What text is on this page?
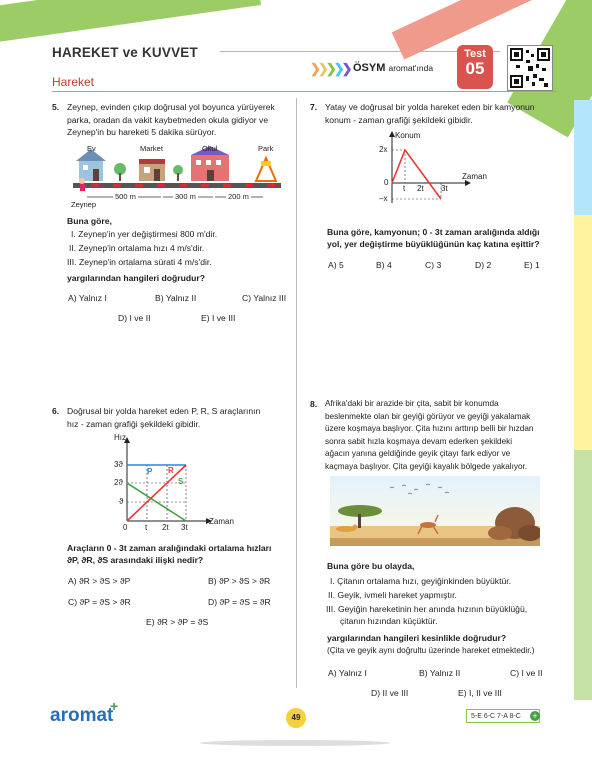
HAREKET ve KUVVET
Hareket
❯❯❯❯❯ ÖSYM aromat'ında
Test
05
5. Zeynep, evinden çıkıp doğrusal yol boyunca yürüyerek
parka, oradan da vakit kaybetmeden okula gidiyor ve
Zeynep'in bu hareketi 5 dakika sürüyor.
Ev	Market	Okul	Park
Zeynep
500 m	300 m	200 m
Buna göre,
I. Zeynep'in yer değiştirmesi 800 m'dir.
II. Zeynep'in ortalama hızı 4 m/s'dir.
III. Zeynep'in ortalama sürati 4 m/s'dir.
yargılarından hangileri doğrudur?
A) Yalnız I	B) Yalnız II	C) Yalnız III
D) I ve II	E) I ve III
6. Doğrusal bir yolda hareket eden P, R, S araçlarının
hız - zaman grafiği şekildeki gibidir.
Hız
Zaman
3ϑ
2ϑ
ϑ
0 t 2t 3t
P R
S
Araçların 0 - 3t zaman aralığındaki ortalama hızları
ϑP, ϑR, ϑS arasındaki ilişki nedir?
A) ϑR > ϑS > ϑP	B) ϑP > ϑS > ϑR
C) ϑP = ϑS > ϑR	D) ϑP = ϑS = ϑR
E) ϑR > ϑP = ϑS
7. Yatay ve doğrusal bir yolda hareket eden bir kamyonun
konum - zaman grafiği şekildeki gibidir.
Konum
Zaman
2x
0
–x
t 2t 3t
Buna göre, kamyonun; 0 - 3t zaman aralığında aldığı
yol, yer değiştirme büyüklüğünün kaç katına eşittir?
A) 5	B) 4	C) 3	D) 2	E) 1
8. Afrika'daki bir arazide bir çita, sabit bir konumda
beslenmekte olan bir geyiği görüyor ve geyiği yakalamak
üzere koşmaya başlıyor. Çita hızını arttırıp belli bir hızdan
sonra sabit hızla koşmaya devam ederken şekildeki
ağacın yanına geldiğinde geyik çitayı fark ediyor ve
kaçmaya başlıyor. Çita geyiği kayalık bölgede yakalıyor.
Buna göre bu olayda,
I. Çitanın ortalama hızı, geyiğinkinden büyüktür.
II. Geyik, ivmeli hareket yapmıştır.
III. Geyiğin hareketinin her anında hızının büyüklüğü,
çitanın hızından küçüktür.
yargılarından hangileri kesinlikle doğrudur?
(Çita ve geyik aynı doğrultu üzerinde hareket etmektedir.)
A) Yalnız I	B) Yalnız II	C) I ve II
D) II ve III	E) I, II ve III
aromat
+
49	5-E 6-C 7-A 8-C	+
